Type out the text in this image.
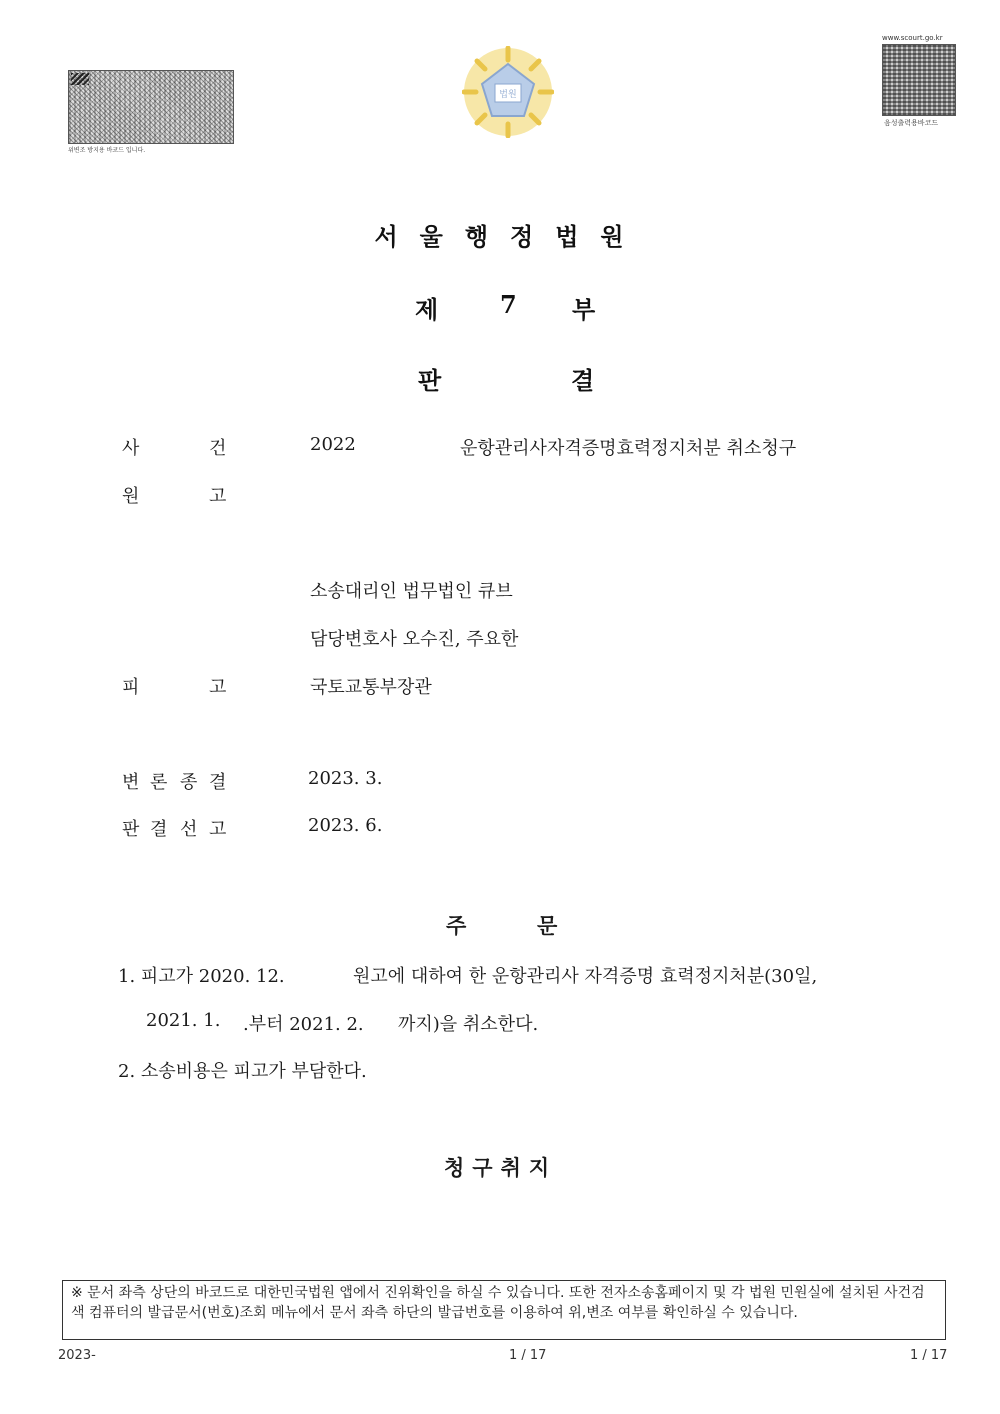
위변조 방지용 바코드 입니다.
www.scourt.go.kr
음성출력용바코드
법원
서 울 행 정 법 원
제 7 부
판	결
사	건	2022	운항관리사자격증명효력정지처분 취소청구
원	고
소송대리인 법무법인 큐브
담당변호사 오수진, 주요한
피	고	국토교통부장관
변 론 종 결	2023. 3.
판 결 선 고	2023. 6.
주	문
1. 피고가 2020. 12.	원고에 대하여 한 운항관리사 자격증명 효력정지처분(30일,
2021. 1. .부터 2021. 2. 까지)을 취소한다.
2. 소송비용은 피고가 부담한다.
청구취지
※ 문서 좌측 상단의 바코드로 대한민국법원 앱에서 진위확인을 하실 수 있습니다. 또한 전자소송홈페이지 및 각 법원 민원실에 설치된 사건검색 컴퓨터의 발급문서(번호)조회 메뉴에서 문서 좌측 하단의 발급번호를 이용하여 위,변조 여부를 확인하실 수 있습니다.
2023-	1 / 17	1 / 17
